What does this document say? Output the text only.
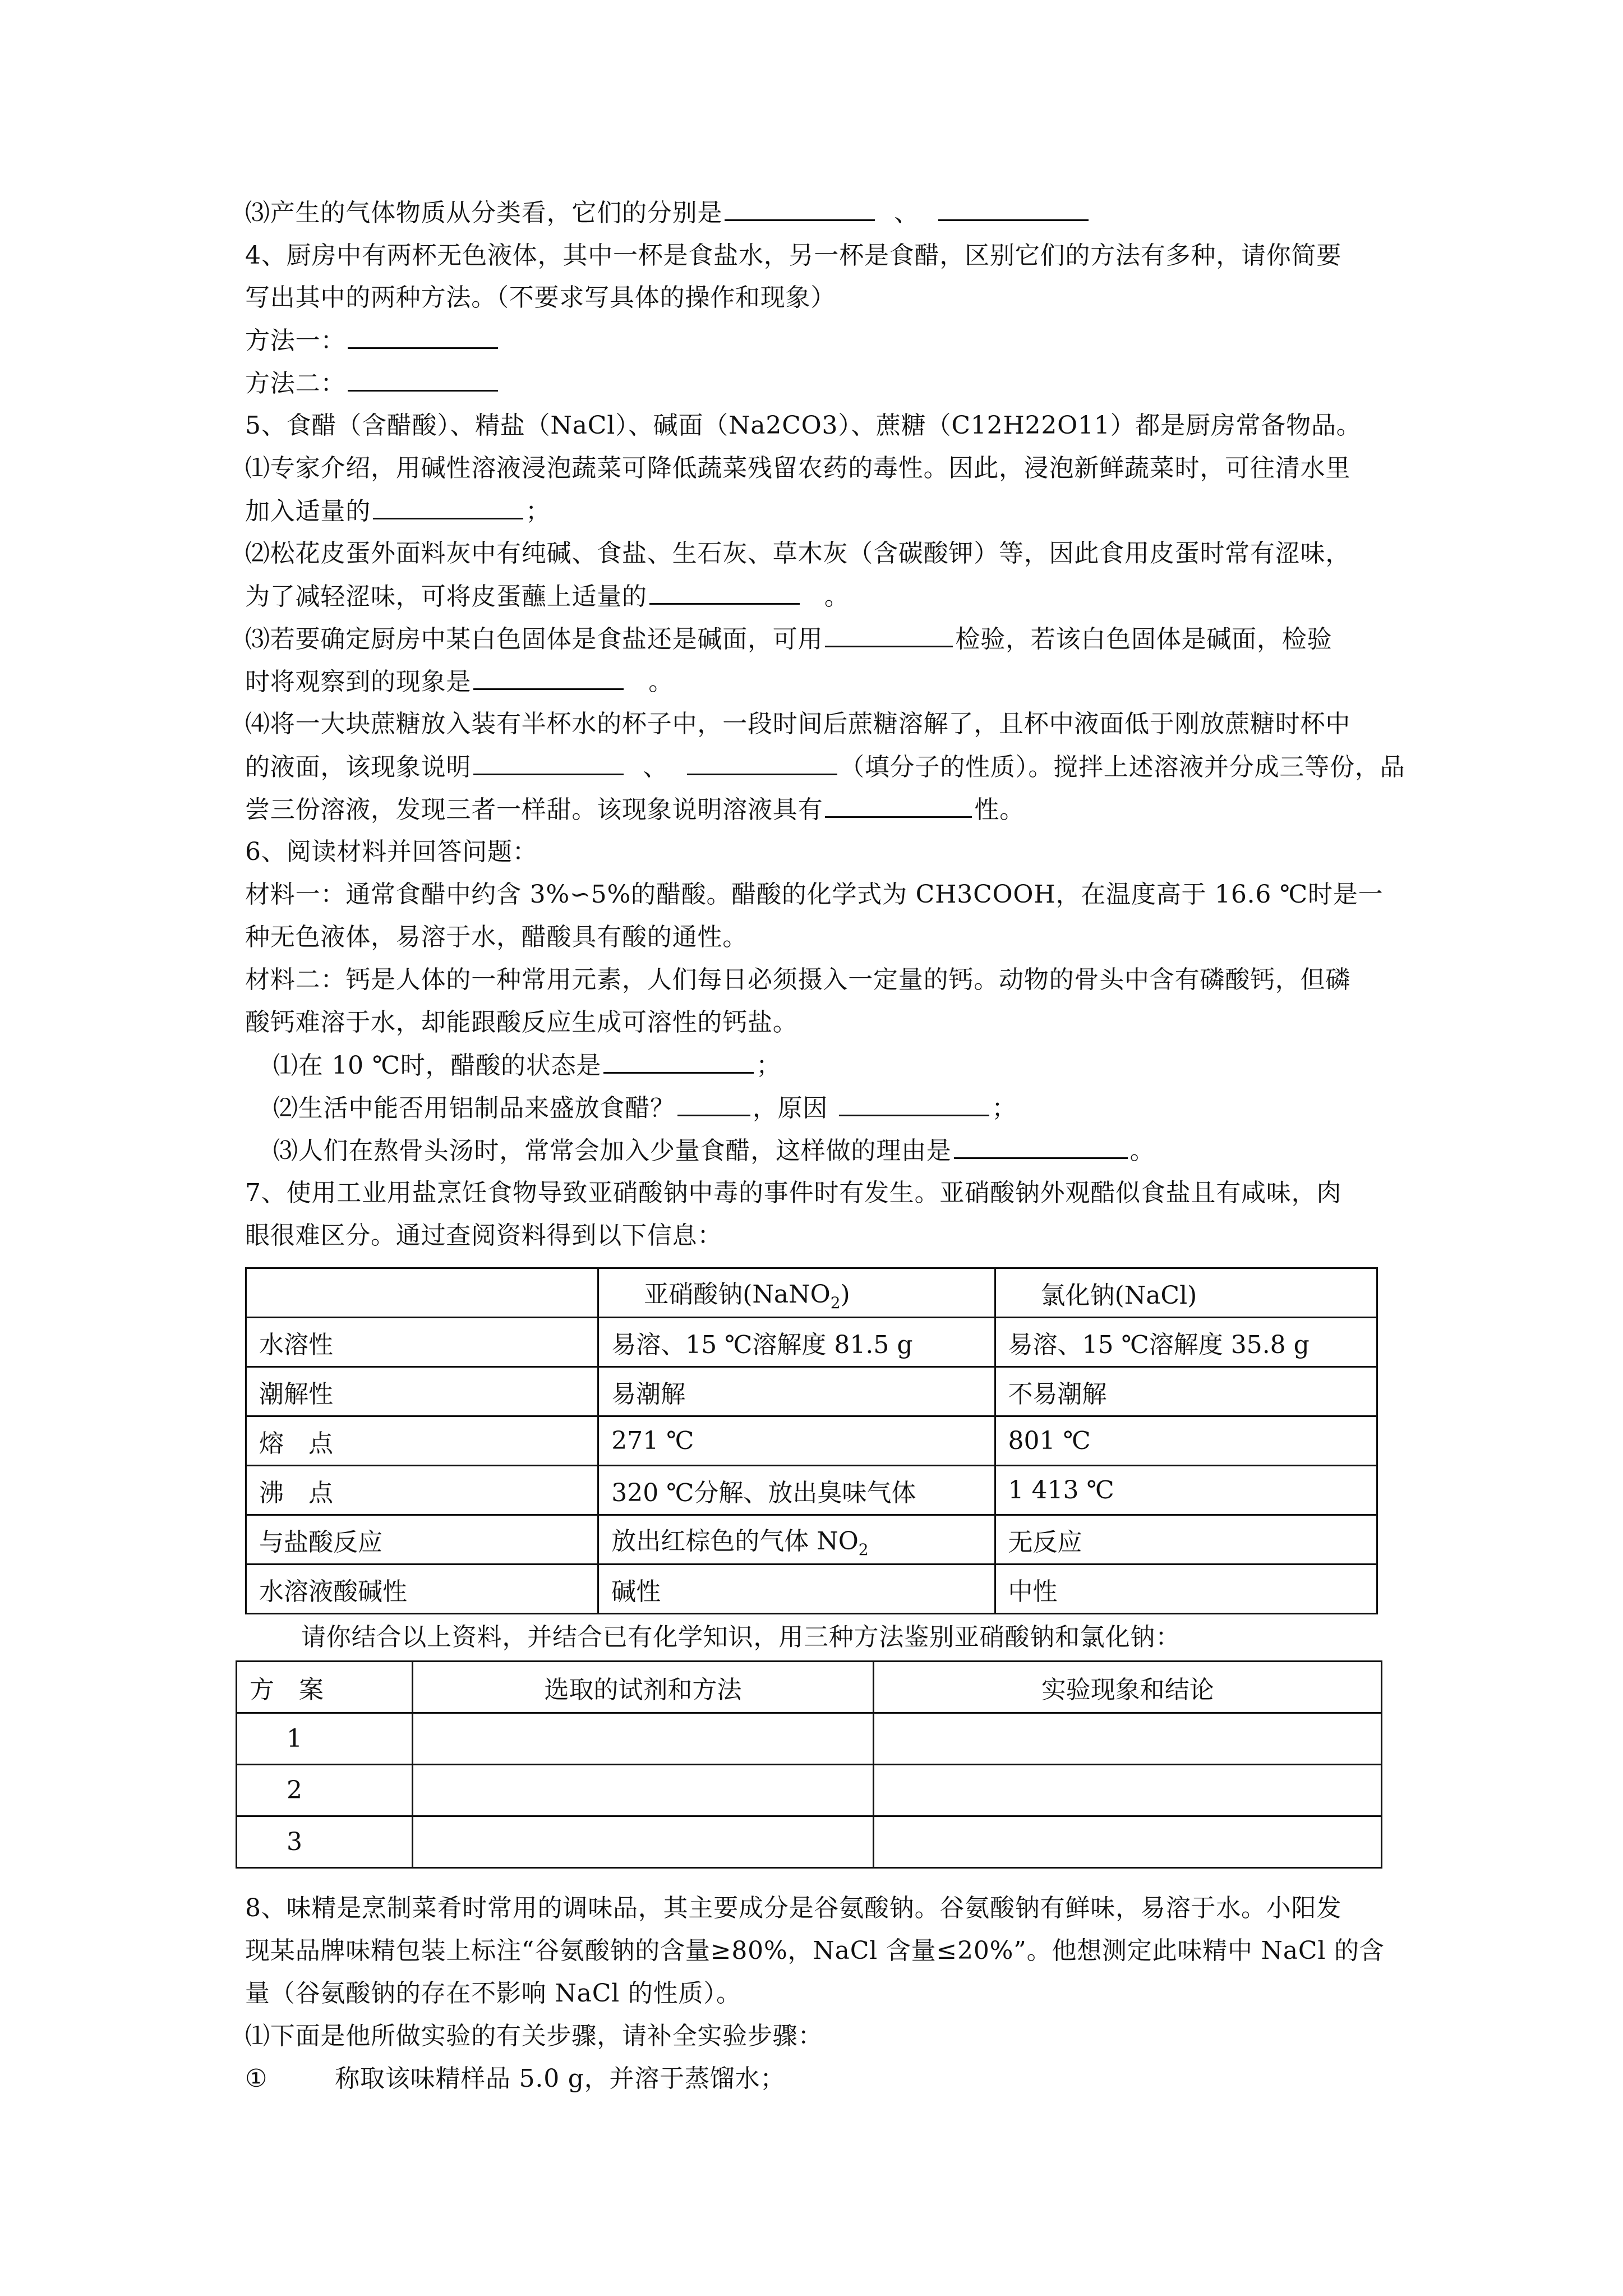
⑶产生的气体物质从分类看，它们的分别是	、

4、厨房中有两杯无色液体，其中一杯是食盐水，另一杯是食醋，区别它们的方法有多种，请你简要

写出其中的两种方法。（不要求写具体的操作和现象）

方法一：

方法二：

5、食醋（含醋酸）、精盐（NaCl）、碱面（Na2CO3）、蔗糖（C12H22O11）都是厨房常备物品。

⑴专家介绍，用碱性溶液浸泡蔬菜可降低蔬菜残留农药的毒性。因此，浸泡新鲜蔬菜时，可往清水里

加入适量的	；

⑵松花皮蛋外面料灰中有纯碱、食盐、生石灰、草木灰（含碳酸钾）等，因此食用皮蛋时常有涩味，

为了减轻涩味，可将皮蛋蘸上适量的	。

⑶若要确定厨房中某白色固体是食盐还是碱面，可用	检验，若该白色固体是碱面，检验

时将观察到的现象是	。

⑷将一大块蔗糖放入装有半杯水的杯子中，一段时间后蔗糖溶解了，且杯中液面低于刚放蔗糖时杯中

的液面，该现象说明	、	（填分子的性质）。搅拌上述溶液并分成三等份，品

尝三份溶液，发现三者一样甜。该现象说明溶液具有	性。

6、阅读材料并回答问题：

材料一：通常食醋中约含 3%∽5%的醋酸。醋酸的化学式为 CH3COOH，在温度高于 16.6 ℃时是一

种无色液体，易溶于水，醋酸具有酸的通性。

材料二：钙是人体的一种常用元素，人们每日必须摄入一定量的钙。动物的骨头中含有磷酸钙，但磷

酸钙难溶于水，却能跟酸反应生成可溶性的钙盐。

⑴在 10 ℃时，醋酸的状态是	；

⑵生活中能否用铝制品来盛放食醋？	，原因	；

⑶人们在熬骨头汤时，常常会加入少量食醋，这样做的理由是	。

7、使用工业用盐烹饪食物导致亚硝酸钠中毒的事件时有发生。亚硝酸钠外观酷似食盐且有咸味，肉

眼很难区分。通过查阅资料得到以下信息：

	亚硝酸钠(NaNO$_2$)	氯化钠(NaCl)
水溶性	易溶、15 ℃溶解度 81.5 g	易溶、15 ℃溶解度 35.8 g
潮解性	易潮解	不易潮解
熔　点	271 ℃	801 ℃
沸　点	320 ℃分解、放出臭味气体	1 413 ℃
与盐酸反应	放出红棕色的气体 $NO_2$	无反应
水溶液酸碱性	碱性	中性

请你结合以上资料，并结合已有化学知识，用三种方法鉴别亚硝酸钠和氯化钠：

方　案	选取的试剂和方法	实验现象和结论
1		
2		
3		

8、味精是烹制菜肴时常用的调味品，其主要成分是谷氨酸钠。谷氨酸钠有鲜味，易溶于水。小阳发

现某品牌味精包装上标注“谷氨酸钠的含量≥80%，NaCl 含量≤20%”。他想测定此味精中 NaCl 的含

量（谷氨酸钠的存在不影响 NaCl 的性质）。

⑴下面是他所做实验的有关步骤，请补全实验步骤：

①	称取该味精样品 5.0 g，并溶于蒸馏水；
